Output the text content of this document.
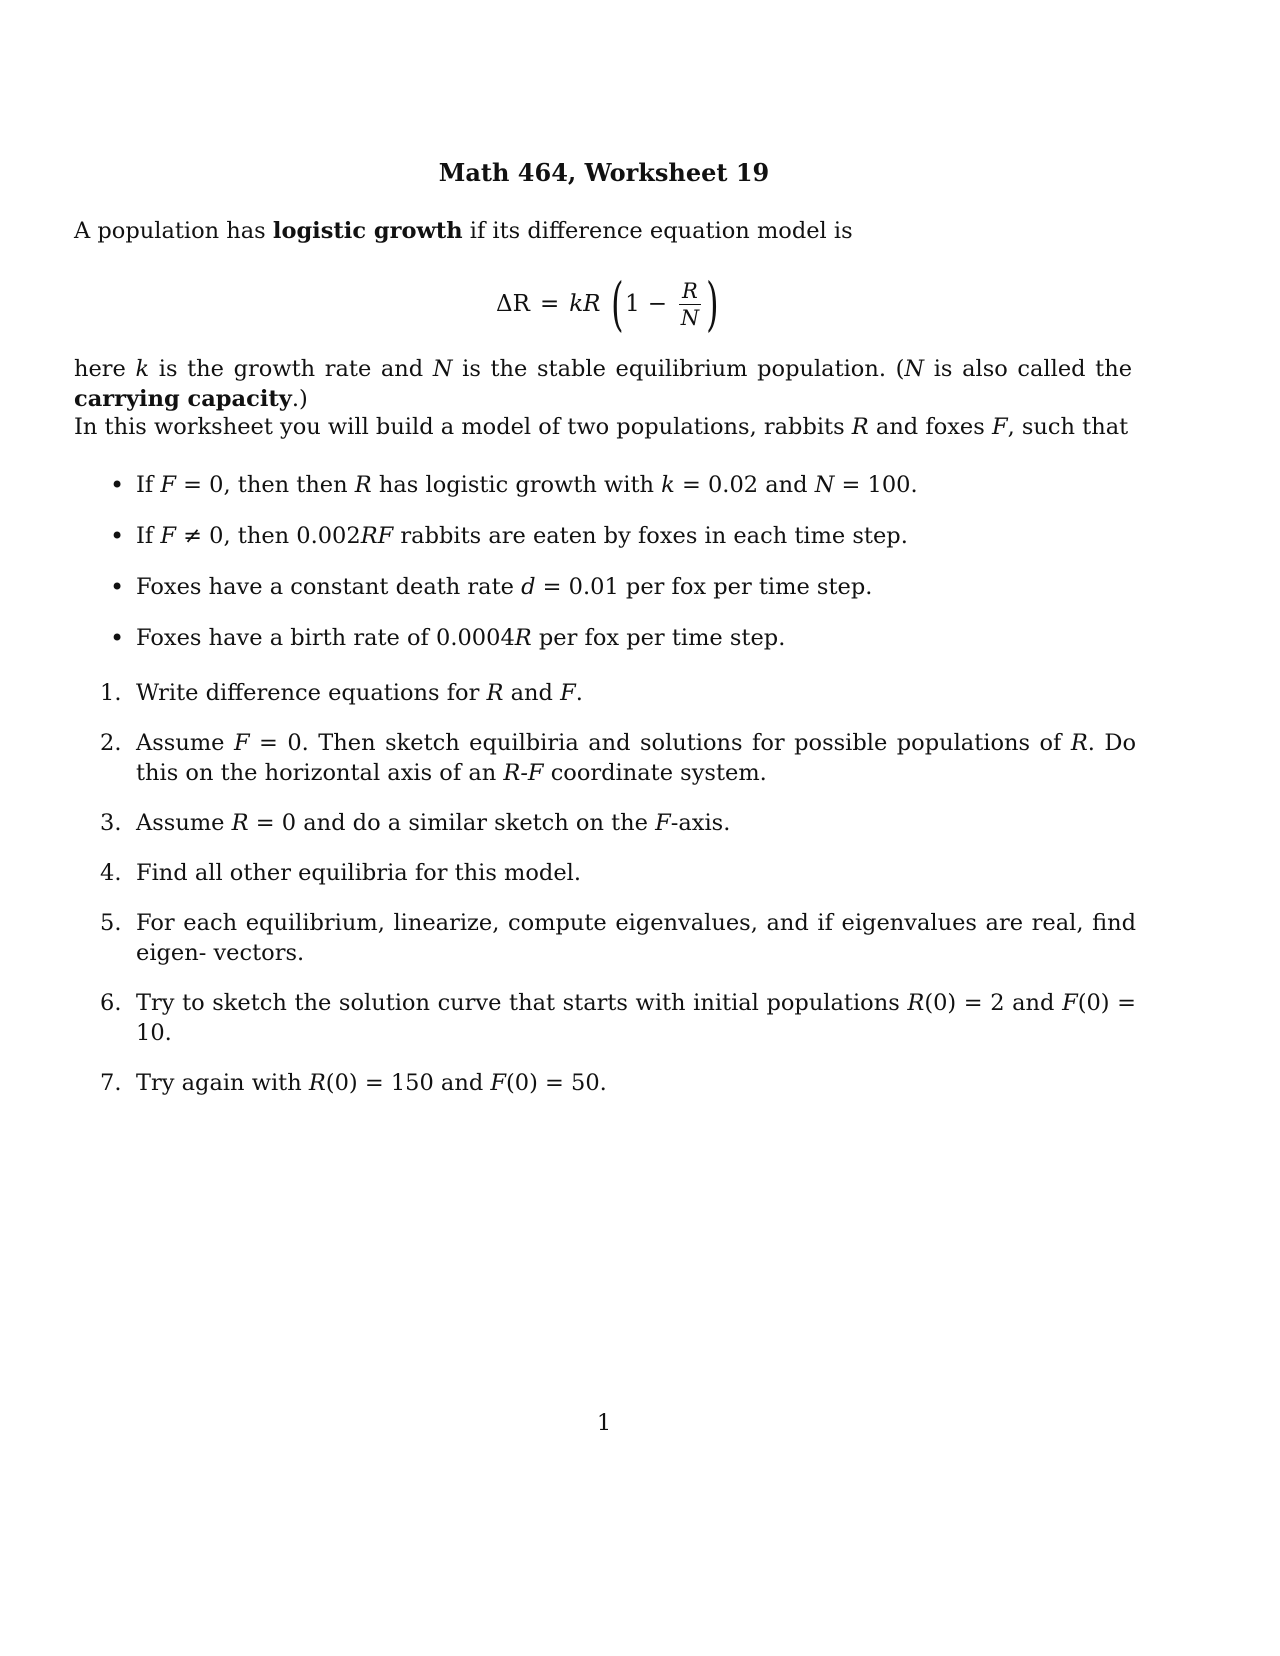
Math 464, Worksheet 19
A population has logistic growth if its difference equation model is
ΔR = kR ( $1 - \frac{R}{N}$ )
here k is the growth rate and N is the stable equilibrium population. (N is also called the carrying capacity.)
In this worksheet you will build a model of two populations, rabbits R and foxes F, such that
• If F = 0, then then R has logistic growth with k = 0.02 and N = 100.
• If F ≠ 0, then 0.002RF rabbits are eaten by foxes in each time step.
• Foxes have a constant death rate d = 0.01 per fox per time step.
• Foxes have a birth rate of 0.0004R per fox per time step.
1. Write difference equations for R and F.
2. Assume F = 0. Then sketch equilbiria and solutions for possible populations of R. Do this on the horizontal axis of an R-F coordinate system.
3. Assume R = 0 and do a similar sketch on the F-axis.
4. Find all other equilibria for this model.
5. For each equilibrium, linearize, compute eigenvalues, and if eigenvalues are real, find eigen- vectors.
6. Try to sketch the solution curve that starts with initial populations R(0) = 2 and F(0) = 10.
7. Try again with R(0) = 150 and F(0) = 50.
1
